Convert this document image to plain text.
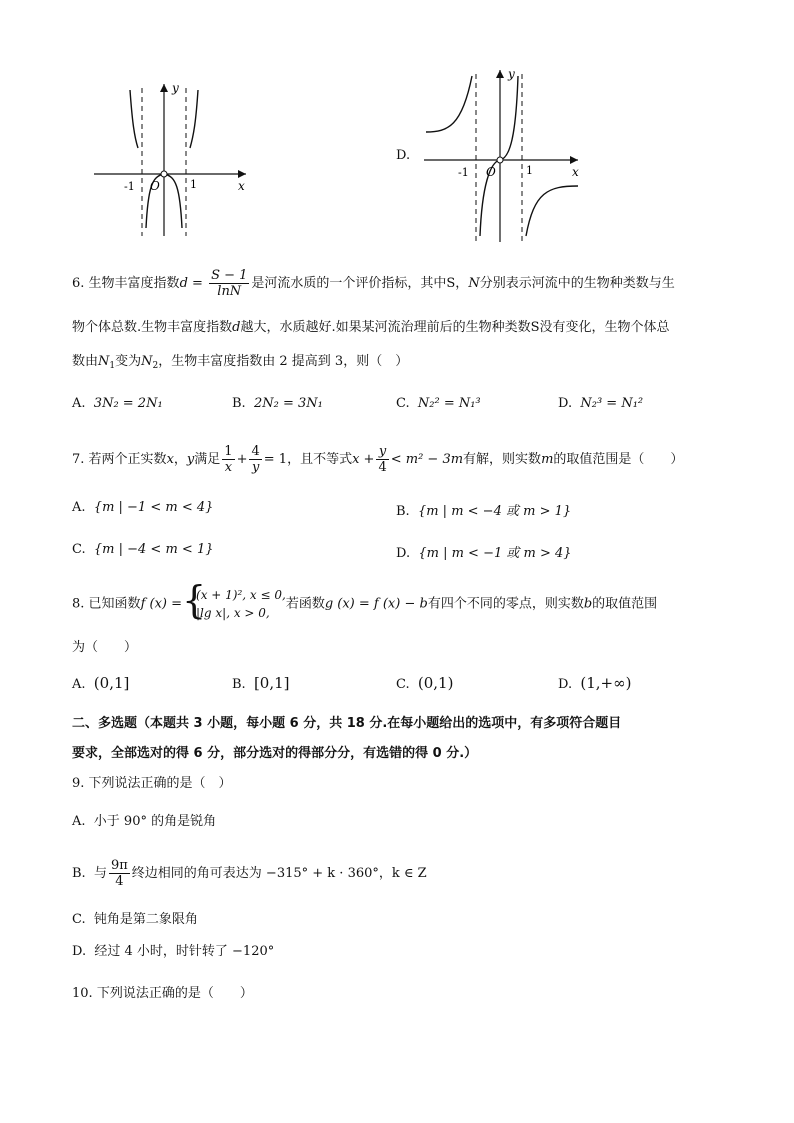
y
x
O
-1	1
D.
y
x
O
-1	1
6. 生物丰富度指数$d = \frac{S - 1}{\ln N}$ 是河流水质的一个评价指标，其中S，N分别表示河流中的生物种类数与生
物个体总数.生物丰富度指数d越大，水质越好.如果某河流治理前后的生物种类数S没有变化，生物个体总
数由$N_1$变为$N_2$，生物丰富度指数由 2 提高到 3，则（　）
A. 3N₂ = 2N₁	B. 2N₂ = 3N₁	C. N₂² = N₁³	D. N₂³ = N₁²
7. 若两个正实数x，y满足 $\frac{1}{x} + \frac{4}{y} = 1$，且不等式$x + \frac{y}{4} < m^2 - 3m$有解，则实数m的取值范围是（　　）
A. {m | −1 < m < 4}	B. {m | m < −4 或 m > 1}
C. {m | −4 < m < 1}	D. {m | m < −1 或 m > 4}
8. 已知函数f (x) = {
(x + 1)², x ≤ 0,
|lg x|, x > 0,
若函数g (x) = f (x) − b有四个不同的零点，则实数b的取值范围
为（　　）
A. (0,1]	B. [0,1]	C. (0,1)	D. (1,+∞)
二、多选题（本题共 3 小题，每小题 6 分，共 18 分.在每小题给出的选项中，有多项符合题目
要求，全部选对的得 6 分，部分选对的得部分分，有选错的得 0 分.）
9. 下列说法正确的是（　）
A. 小于 90° 的角是锐角
B. 与 $\frac{9\pi}{4}$ 终边相同的角可表达为 −315° + k · 360°，k ∈ Z
C. 钝角是第二象限角
D. 经过 4 小时，时针转了 −120°
10. 下列说法正确的是（　　）
